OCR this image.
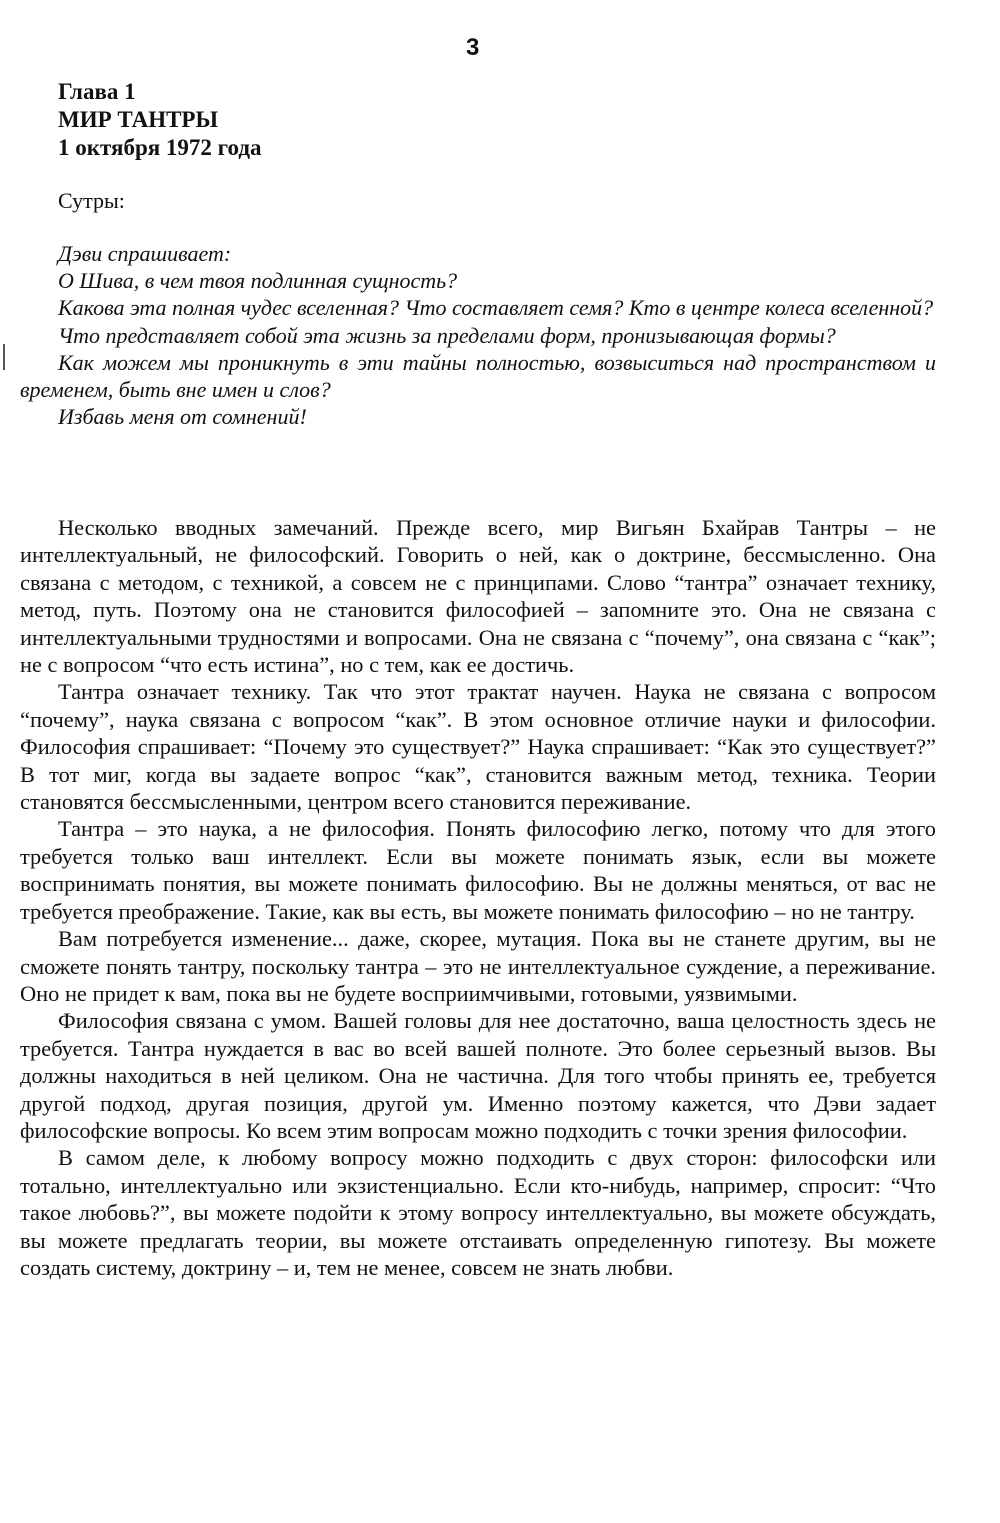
3
Глава 1
МИР ТАНТРЫ
1 октября 1972 года
Сутры:

Дэви спрашивает:

О Шива, в чем твоя подлинная сущность?

Какова эта полная чудес вселенная? Что составляет семя? Кто в центре колеса вселенной?

Что представляет собой эта жизнь за пределами форм, пронизывающая формы?

Как можем мы проникнуть в эти тайны полностью, возвыситься над пространством и временем, быть вне имен и слов?

Избавь меня от сомнений!

Несколько вводных замечаний. Прежде всего, мир Вигьян Бхайрав Тантры – не интеллектуальный, не философский. Говорить о ней, как о доктрине, бессмысленно. Она связана с методом, с техникой, а совсем не с принципами. Слово “тантра” означает технику, метод, путь. Поэтому она не становится философией – запомните это. Она не связана с интеллектуальными трудностями и вопросами. Она не связана с “почему”, она связана с “как”; не с вопросом “что есть истина”, но с тем, как ее достичь.

Тантра означает технику. Так что этот трактат научен. Наука не связана с вопросом “почему”, наука связана с вопросом “как”. В этом основное отличие науки и философии. Философия спрашивает: “Почему это существует?” Наука спрашивает: “Как это существует?” В тот миг, когда вы задаете вопрос “как”, становится важным метод, техника. Теории становятся бессмысленными, центром всего становится переживание.

Тантра – это наука, а не философия. Понять философию легко, потому что для этого требуется только ваш интеллект. Если вы можете понимать язык, если вы можете воспринимать понятия, вы можете понимать философию. Вы не должны меняться, от вас не требуется преображение. Такие, как вы есть, вы можете понимать философию – но не тантру.

Вам потребуется изменение... даже, скорее, мутация. Пока вы не станете другим, вы не сможете понять тантру, поскольку тантра – это не интеллектуальное суждение, а переживание. Оно не придет к вам, пока вы не будете восприимчивыми, готовыми, уязвимыми.

Философия связана с умом. Вашей головы для нее достаточно, ваша целостность здесь не требуется. Тантра нуждается в вас во всей вашей полноте. Это более серьезный вызов. Вы должны находиться в ней целиком. Она не частична. Для того чтобы принять ее, требуется другой подход, другая позиция, другой ум. Именно поэтому кажется, что Дэви задает философские вопросы. Ко всем этим вопросам можно подходить с точки зрения философии.

В самом деле, к любому вопросу можно подходить с двух сторон: философски или тотально, интеллектуально или экзистенциально. Если кто-нибудь, например, спросит: “Что такое любовь?”, вы можете подойти к этому вопросу интеллектуально, вы можете обсуждать, вы можете предлагать теории, вы можете отстаивать определенную гипотезу. Вы можете создать систему, доктрину – и, тем не менее, совсем не знать любви.
